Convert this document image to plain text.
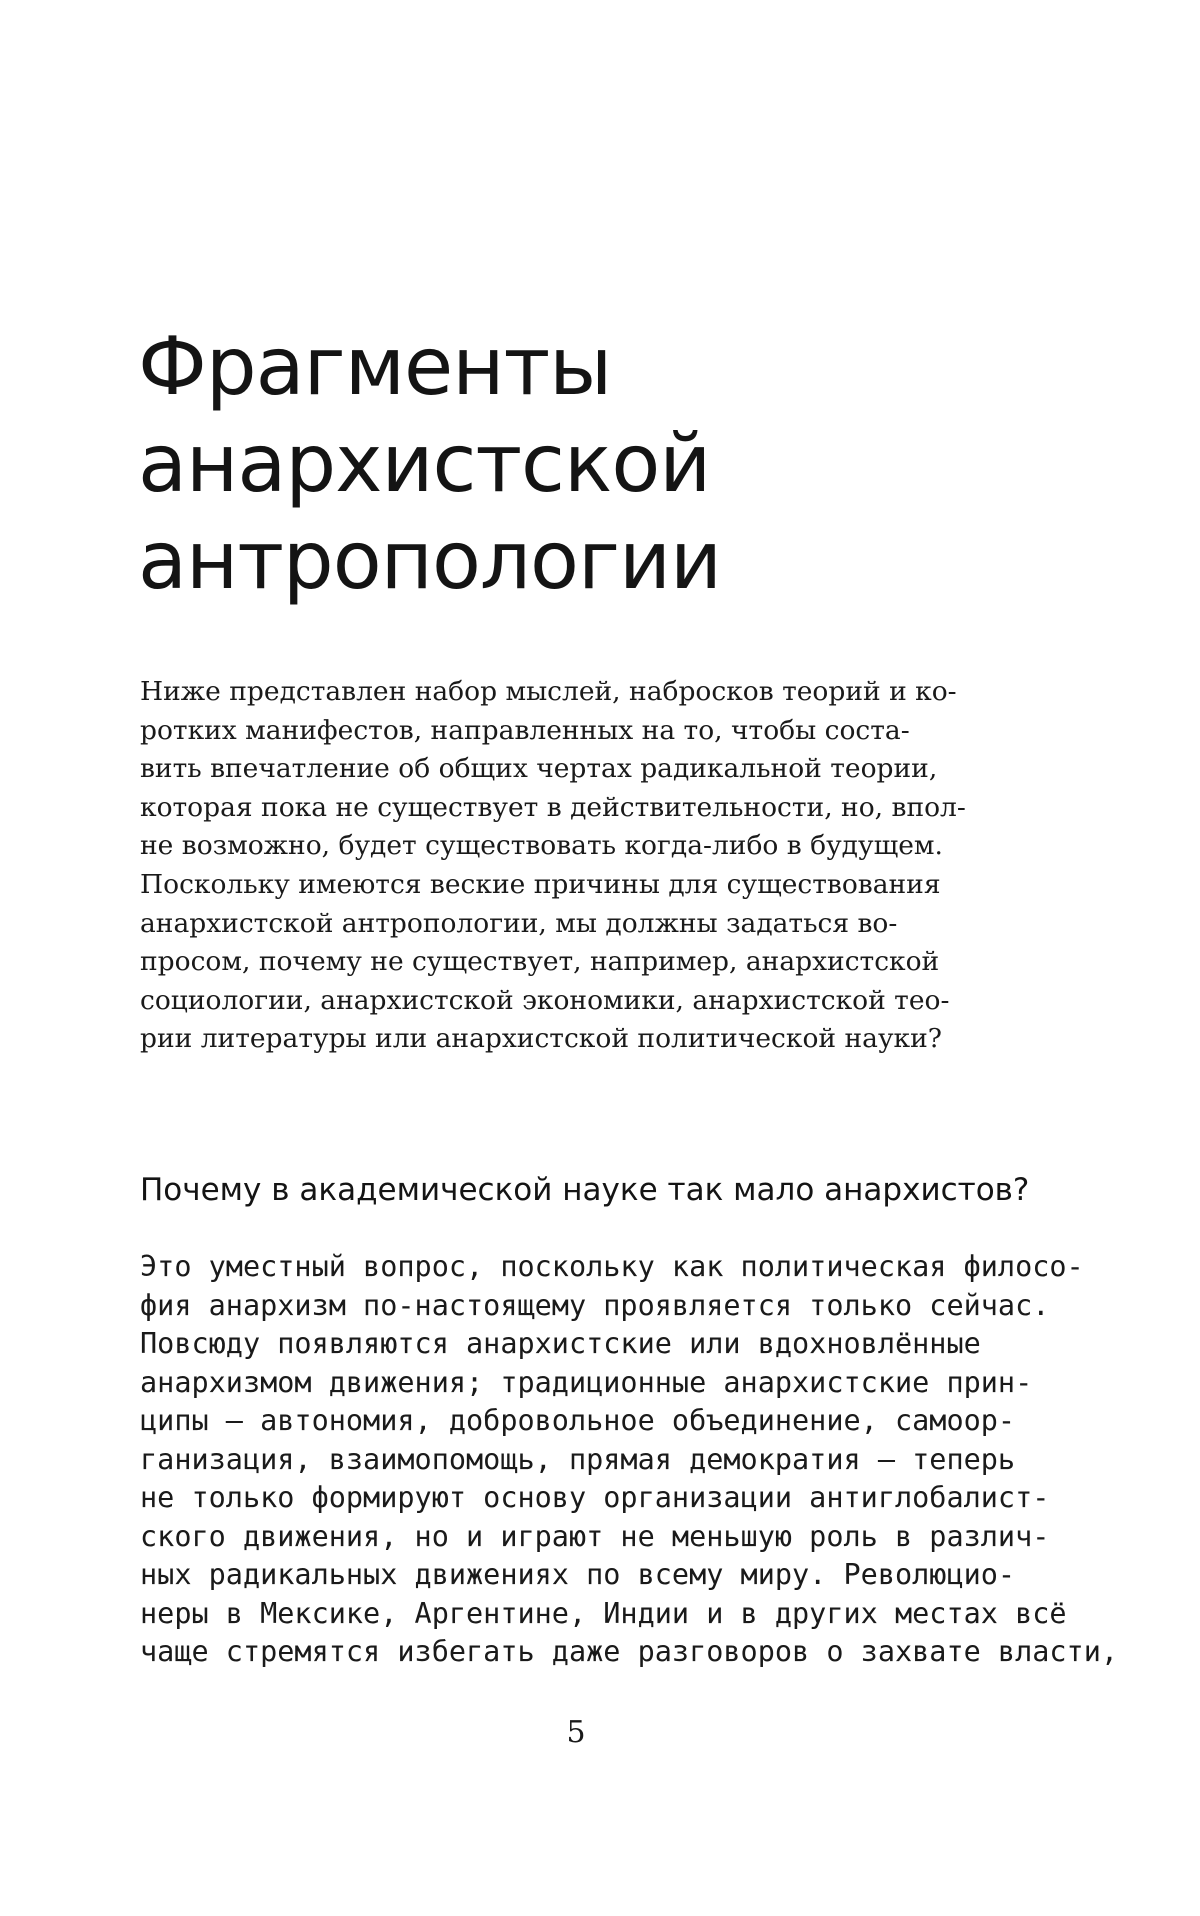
Фрагменты
анархистской
антропологии
Ниже представлен набор мыслей, набросков теорий и ко-
ротких манифестов, направленных на то, чтобы соста-
вить впечатление об общих чертах радикальной теории,
которая пока не существует в действительности, но, впол-
не возможно, будет существовать когда-либо в будущем.
Поскольку имеются веские причины для существования
анархистской антропологии, мы должны задаться во-
просом, почему не существует, например, анархистской
социологии, анархистской экономики, анархистской тео-
рии литературы или анархистской политической науки?
Почему в академической науке так мало анархистов?
Это уместный вопрос, поскольку как политическая филосо-
фия анархизм по-настоящему проявляется только сейчас.
Повсюду появляются анархистские или вдохновлённые
анархизмом движения; традиционные анархистские прин-
ципы — автономия, добровольное объединение, самоор-
ганизация, взаимопомощь, прямая демократия — теперь
не только формируют основу организации антиглобалист-
ского движения, но и играют не меньшую роль в различ-
ных радикальных движениях по всему миру. Революцио-
неры в Мексике, Аргентине, Индии и в других местах всё
чаще стремятся избегать даже разговоров о захвате власти,
5
